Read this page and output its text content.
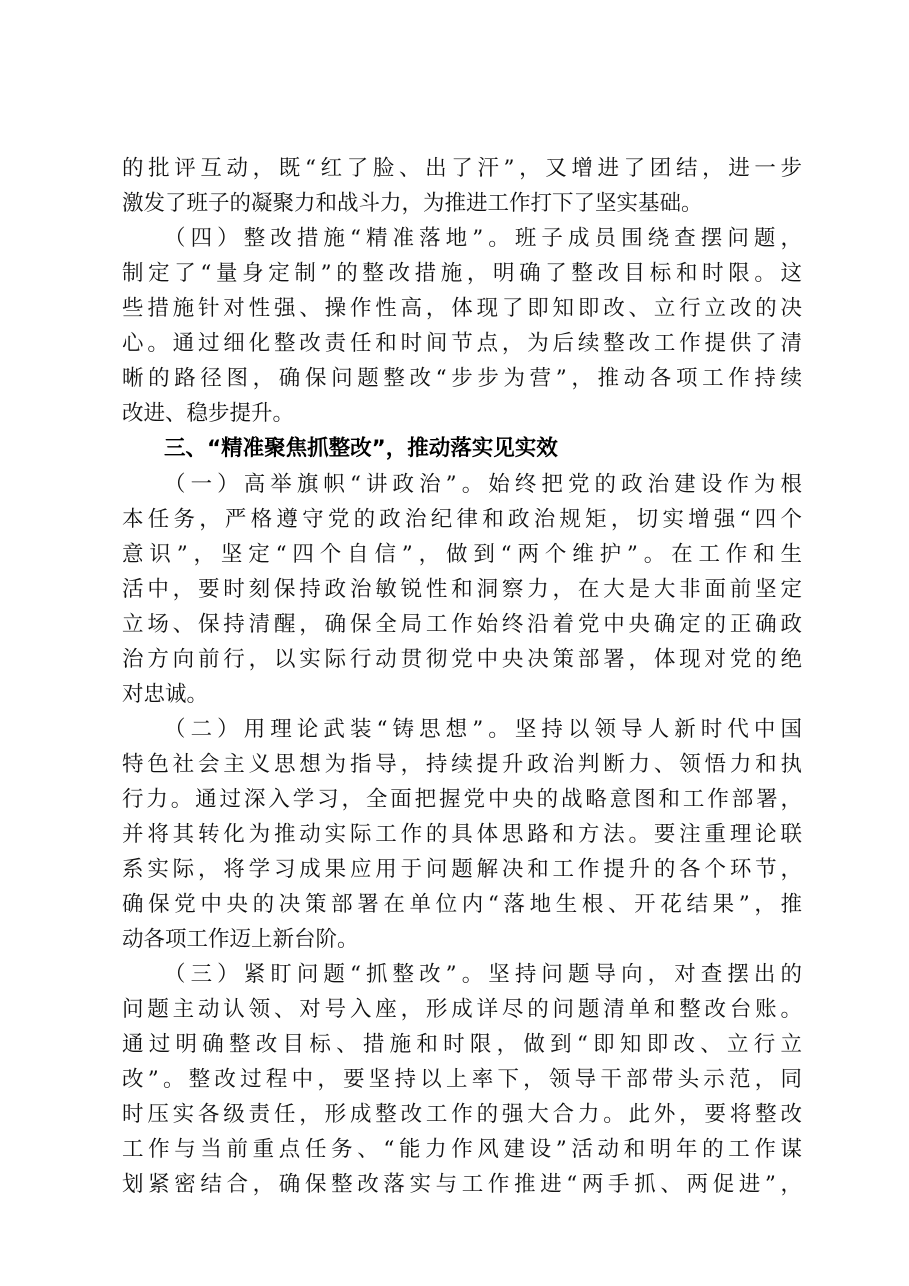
的批评互动，既“红了脸、出了汗”，又增进了团结，进一步
激发了班子的凝聚力和战斗力，为推进工作打下了坚实基础。
（四）整改措施“精准落地”。班子成员围绕查摆问题，
制定了“量身定制”的整改措施，明确了整改目标和时限。这
些措施针对性强、操作性高，体现了即知即改、立行立改的决
心。通过细化整改责任和时间节点，为后续整改工作提供了清
晰的路径图，确保问题整改“步步为营”，推动各项工作持续
改进、稳步提升。
三、“精准聚焦抓整改”，推动落实见实效
（一）高举旗帜“讲政治”。始终把党的政治建设作为根
本任务，严格遵守党的政治纪律和政治规矩，切实增强“四个
意识”，坚定“四个自信”，做到“两个维护”。在工作和生
活中，要时刻保持政治敏锐性和洞察力，在大是大非面前坚定
立场、保持清醒，确保全局工作始终沿着党中央确定的正确政
治方向前行，以实际行动贯彻党中央决策部署，体现对党的绝
对忠诚。
（二）用理论武装“铸思想”。坚持以领导人新时代中国
特色社会主义思想为指导，持续提升政治判断力、领悟力和执
行力。通过深入学习，全面把握党中央的战略意图和工作部署，
并将其转化为推动实际工作的具体思路和方法。要注重理论联
系实际，将学习成果应用于问题解决和工作提升的各个环节，
确保党中央的决策部署在单位内“落地生根、开花结果”，推
动各项工作迈上新台阶。
（三）紧盯问题“抓整改”。坚持问题导向，对查摆出的
问题主动认领、对号入座，形成详尽的问题清单和整改台账。
通过明确整改目标、措施和时限，做到“即知即改、立行立
改”。整改过程中，要坚持以上率下，领导干部带头示范，同
时压实各级责任，形成整改工作的强大合力。此外，要将整改
工作与当前重点任务、“能力作风建设”活动和明年的工作谋
划紧密结合，确保整改落实与工作推进“两手抓、两促进”，
